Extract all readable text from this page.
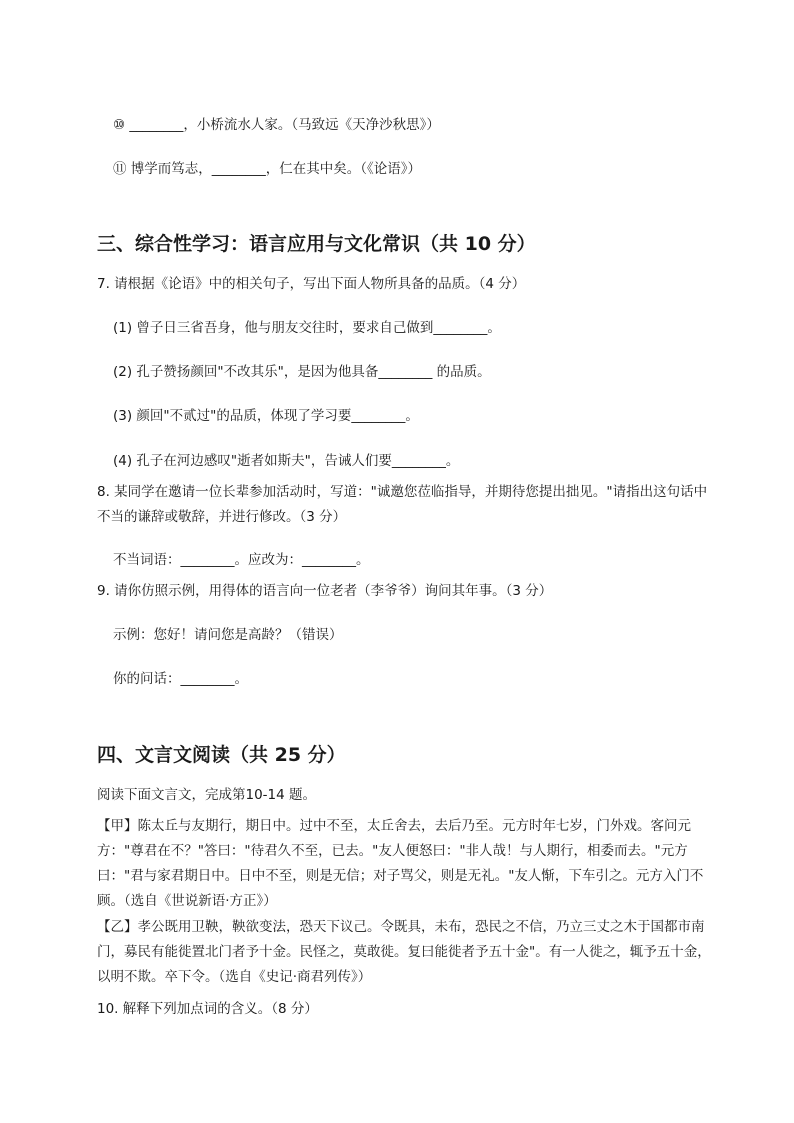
⑩ ________，小桥流水人家。（马致远《天净沙秋思》）
⑪ 博学而笃志，________，仁在其中矣。（《论语》）
三、综合性学习：语言应用与文化常识（共 10 分）
7. 请根据《论语》中的相关句子，写出下面人物所具备的品质。（4 分）
(1) 曾子日三省吾身，他与朋友交往时，要求自己做到________。
(2) 孔子赞扬颜回"不改其乐"，是因为他具备________ 的品质。
(3) 颜回"不贰过"的品质，体现了学习要________。
(4) 孔子在河边感叹"逝者如斯夫"，告诫人们要________。
8. 某同学在邀请一位长辈参加活动时，写道："诚邀您莅临指导，并期待您提出拙见。"请指出这句话中不当的谦辞或敬辞，并进行修改。（3 分）
不当词语：________。应改为：________。
9. 请你仿照示例，用得体的语言向一位老者（李爷爷）询问其年事。（3 分）
示例：您好！请问您是高龄？（错误）
你的问话：________。
四、文言文阅读（共 25 分）
阅读下面文言文，完成第10-14 题。
【甲】陈太丘与友期行，期日中。过中不至，太丘舍去，去后乃至。元方时年七岁，门外戏。客问元方："尊君在不？"答曰："待君久不至，已去。"友人便怒曰："非人哉！与人期行，相委而去。"元方曰："君与家君期日中。日中不至，则是无信；对子骂父，则是无礼。"友人惭，下车引之。元方入门不顾。（选自《世说新语·方正》）
【乙】孝公既用卫鞅，鞅欲变法，恐天下议己。令既具，未布，恐民之不信，乃立三丈之木于国都市南门，募民有能徙置北门者予十金。民怪之，莫敢徙。复曰能徙者予五十金"。有一人徙之，辄予五十金，以明不欺。卒下令。（选自《史记·商君列传》）
10. 解释下列加点词的含义。（8 分）
